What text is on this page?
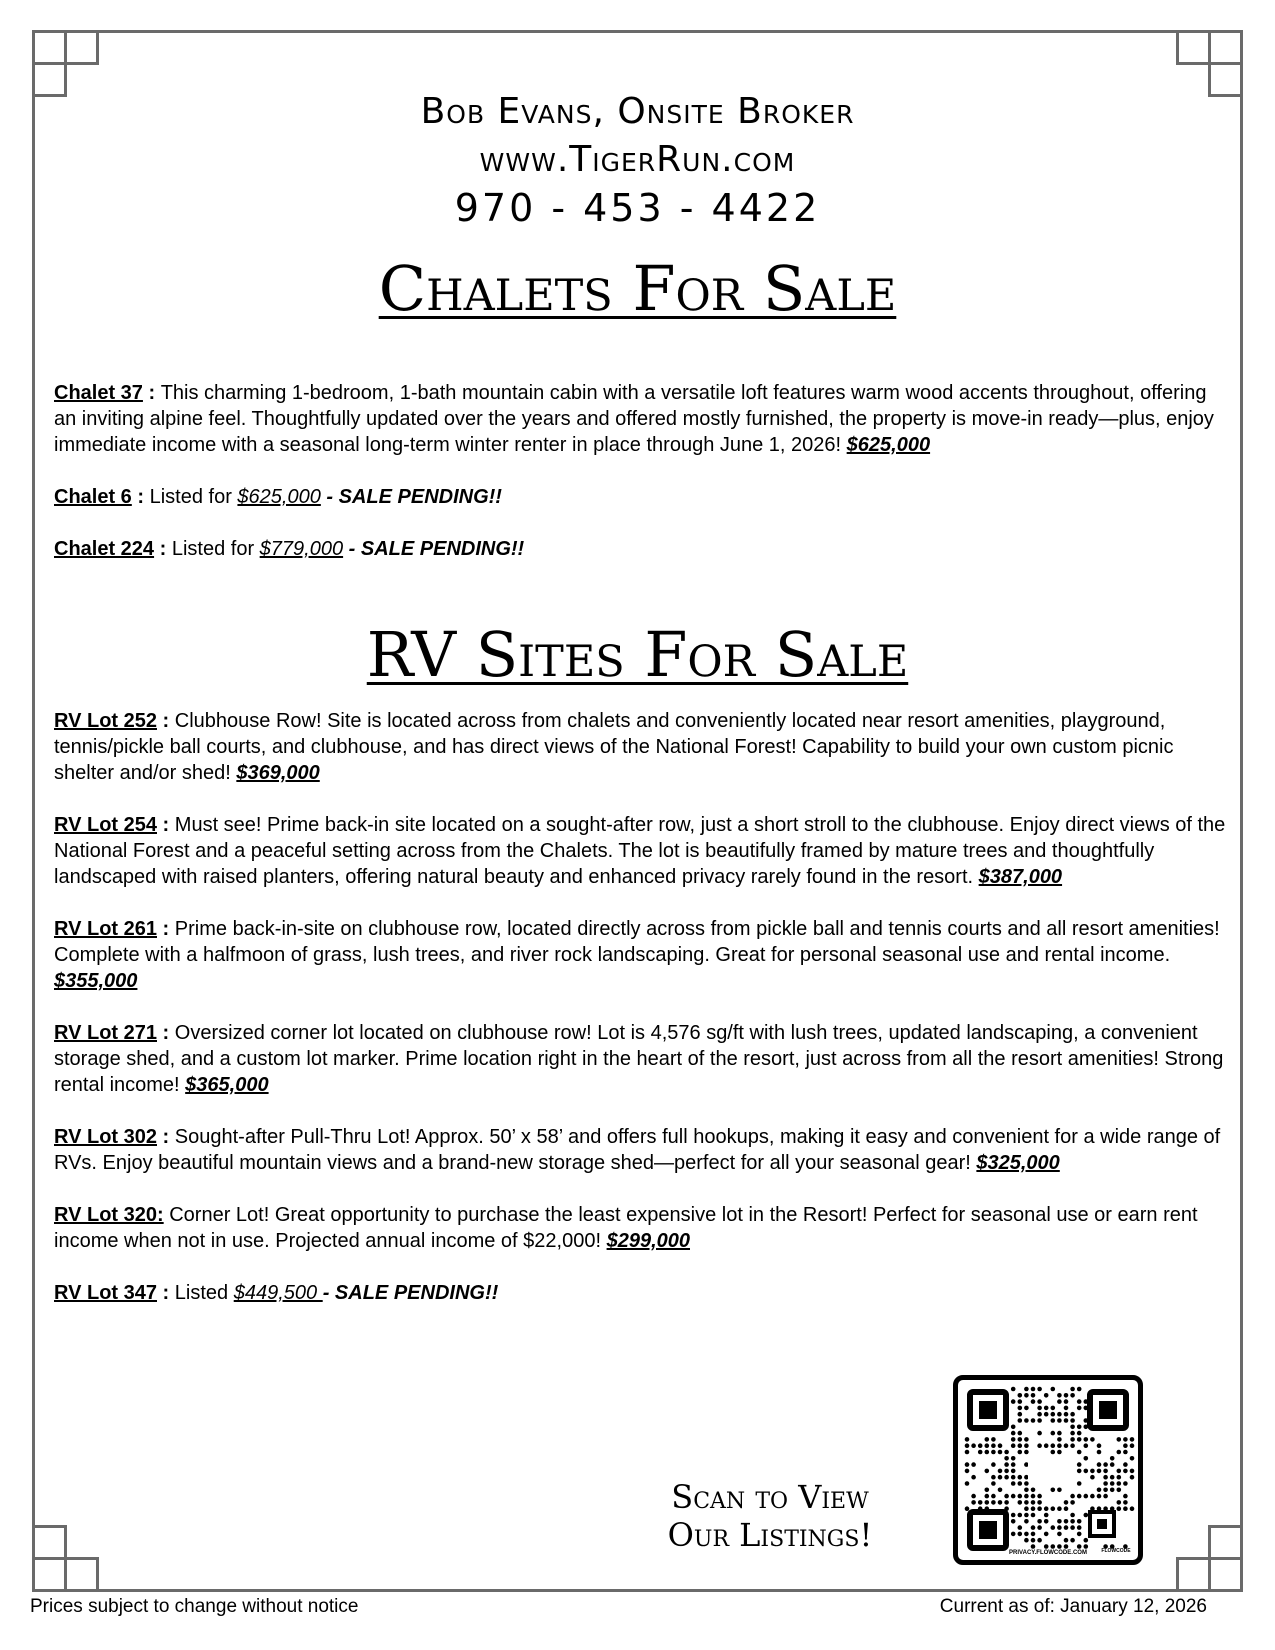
Bob Evans, Onsite Broker
www.TigerRun.com
970 - 453 - 4422
Chalets For Sale

Chalet 37 : This charming 1-bedroom, 1-bath mountain cabin with a versatile loft features warm wood accents throughout, offering an inviting alpine feel. Thoughtfully updated over the years and offered mostly furnished, the property is move-in ready—plus, enjoy immediate income with a seasonal long-term winter renter in place through June 1, 2026! $625,000

Chalet 6 : Listed for $625,000 - SALE PENDING!!

Chalet 224 : Listed for $779,000 - SALE PENDING!!

RV Sites For Sale

RV Lot 252 : Clubhouse Row! Site is located across from chalets and conveniently located near resort amenities, playground, tennis/pickle ball courts, and clubhouse, and has direct views of the National Forest! Capability to build your own custom picnic shelter and/or shed! $369,000

RV Lot 254 : Must see! Prime back-in site located on a sought-after row, just a short stroll to the clubhouse. Enjoy direct views of the National Forest and a peaceful setting across from the Chalets. The lot is beautifully framed by mature trees and thoughtfully landscaped with raised planters, offering natural beauty and enhanced privacy rarely found in the resort. $387,000

RV Lot 261 : Prime back-in-site on clubhouse row, located directly across from pickle ball and tennis courts and all resort amenities! Complete with a halfmoon of grass, lush trees, and river rock landscaping. Great for personal seasonal use and rental income. $355,000

RV Lot 271 : Oversized corner lot located on clubhouse row! Lot is 4,576 sg/ft with lush trees, updated landscaping, a convenient storage shed, and a custom lot marker. Prime location right in the heart of the resort, just across from all the resort amenities! Strong rental income! $365,000

RV Lot 302 : Sought-after Pull-Thru Lot! Approx. 50’ x 58’ and offers full hookups, making it easy and convenient for a wide range of RVs. Enjoy beautiful mountain views and a brand-new storage shed—perfect for all your seasonal gear! $325,000

RV Lot 320: Corner Lot! Great opportunity to purchase the least expensive lot in the Resort! Perfect for seasonal use or earn rent income when not in use. Projected annual income of $22,000! $299,000

RV Lot 347 : Listed $449,500 - SALE PENDING!!

Scan to View
Our Listings!	PRIVACY.FLOWCODE.COM	FLOWCODE
Prices subject to change without notice	Current as of: January 12, 2026
